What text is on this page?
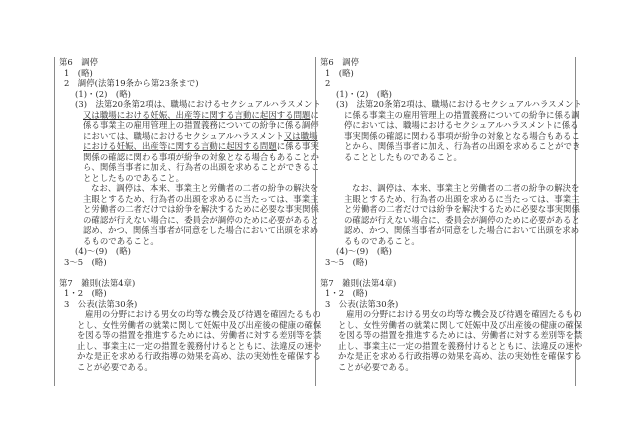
第6　調停
1　(略)
2　調停(法第19条から第23条まで)
(1)・(2)　(略)
(3)　法第20条第2項は、職場におけるセクシュアルハラスメント
又は職場における妊娠、出産等に関する言動に起因する問題に
係る事業主の雇用管理上の措置義務についての紛争に係る調停
においては、職場におけるセクシュアルハラスメント又は職場
における妊娠、出産等に関する言動に起因する問題に係る事実
関係の確認に関わる事項が紛争の対象となる場合もあることか
ら、関係当事者に加え、行為者の出頭を求めることができるこ
ととしたものであること。
なお、調停は、本来、事業主と労働者の二者の紛争の解決を
主眼とするため、行為者の出頭を求めるに当たっては、事業主
と労働者の二者だけでは紛争を解決するために必要な事実関係
の確認が行えない場合に、委員会が調停のために必要があると
認め、かつ、関係当事者が同意をした場合において出頭を求め
るものであること。
(4)～(9)　(略)
3～5　(略)
第7　雑則(法第4章)
1・2　(略)
3　公表(法第30条)
雇用の分野における男女の均等な機会及び待遇を確固たるもの
とし、女性労働者の就業に関して妊娠中及び出産後の健康の確保
を図る等の措置を推進するためには、労働者に対する差別等を禁
止し、事業主に一定の措置を義務付けるとともに、法違反の速や
かな是正を求める行政指導の効果を高め、法の実効性を確保する
ことが必要である。
第6　調停
1　(略)
2
(1)・(2)　(略)
(3)　法第20条第2項は、職場におけるセクシュアルハラスメント
に係る事業主の雇用管理上の措置義務についての紛争に係る調
停においては、職場におけるセクシュアルハラスメントに係る
事実関係の確認に関わる事項が紛争の対象となる場合もあるこ
とから、関係当事者に加え、行為者の出頭を求めることができ
ることとしたものであること。
なお、調停は、本来、事業主と労働者の二者の紛争の解決を
主眼とするため、行為者の出頭を求めるに当たっては、事業主
と労働者の二者だけでは紛争を解決するために必要な事実関係
の確認が行えない場合に、委員会が調停のために必要があると
認め、かつ、関係当事者が同意をした場合において出頭を求め
るものであること。
(4)～(9)　(略)
3～5　(略)
第7　雑則(法第4章)
1・2　(略)
3　公表(法第30条)
雇用の分野における男女の均等な機会及び待遇を確固たるもの
とし、女性労働者の就業に関して妊娠中及び出産後の健康の確保
を図る等の措置を推進するためには、労働者に対する差別等を禁
止し、事業主に一定の措置を義務付けるとともに、法違反の速や
かな是正を求める行政指導の効果を高め、法の実効性を確保する
ことが必要である。
